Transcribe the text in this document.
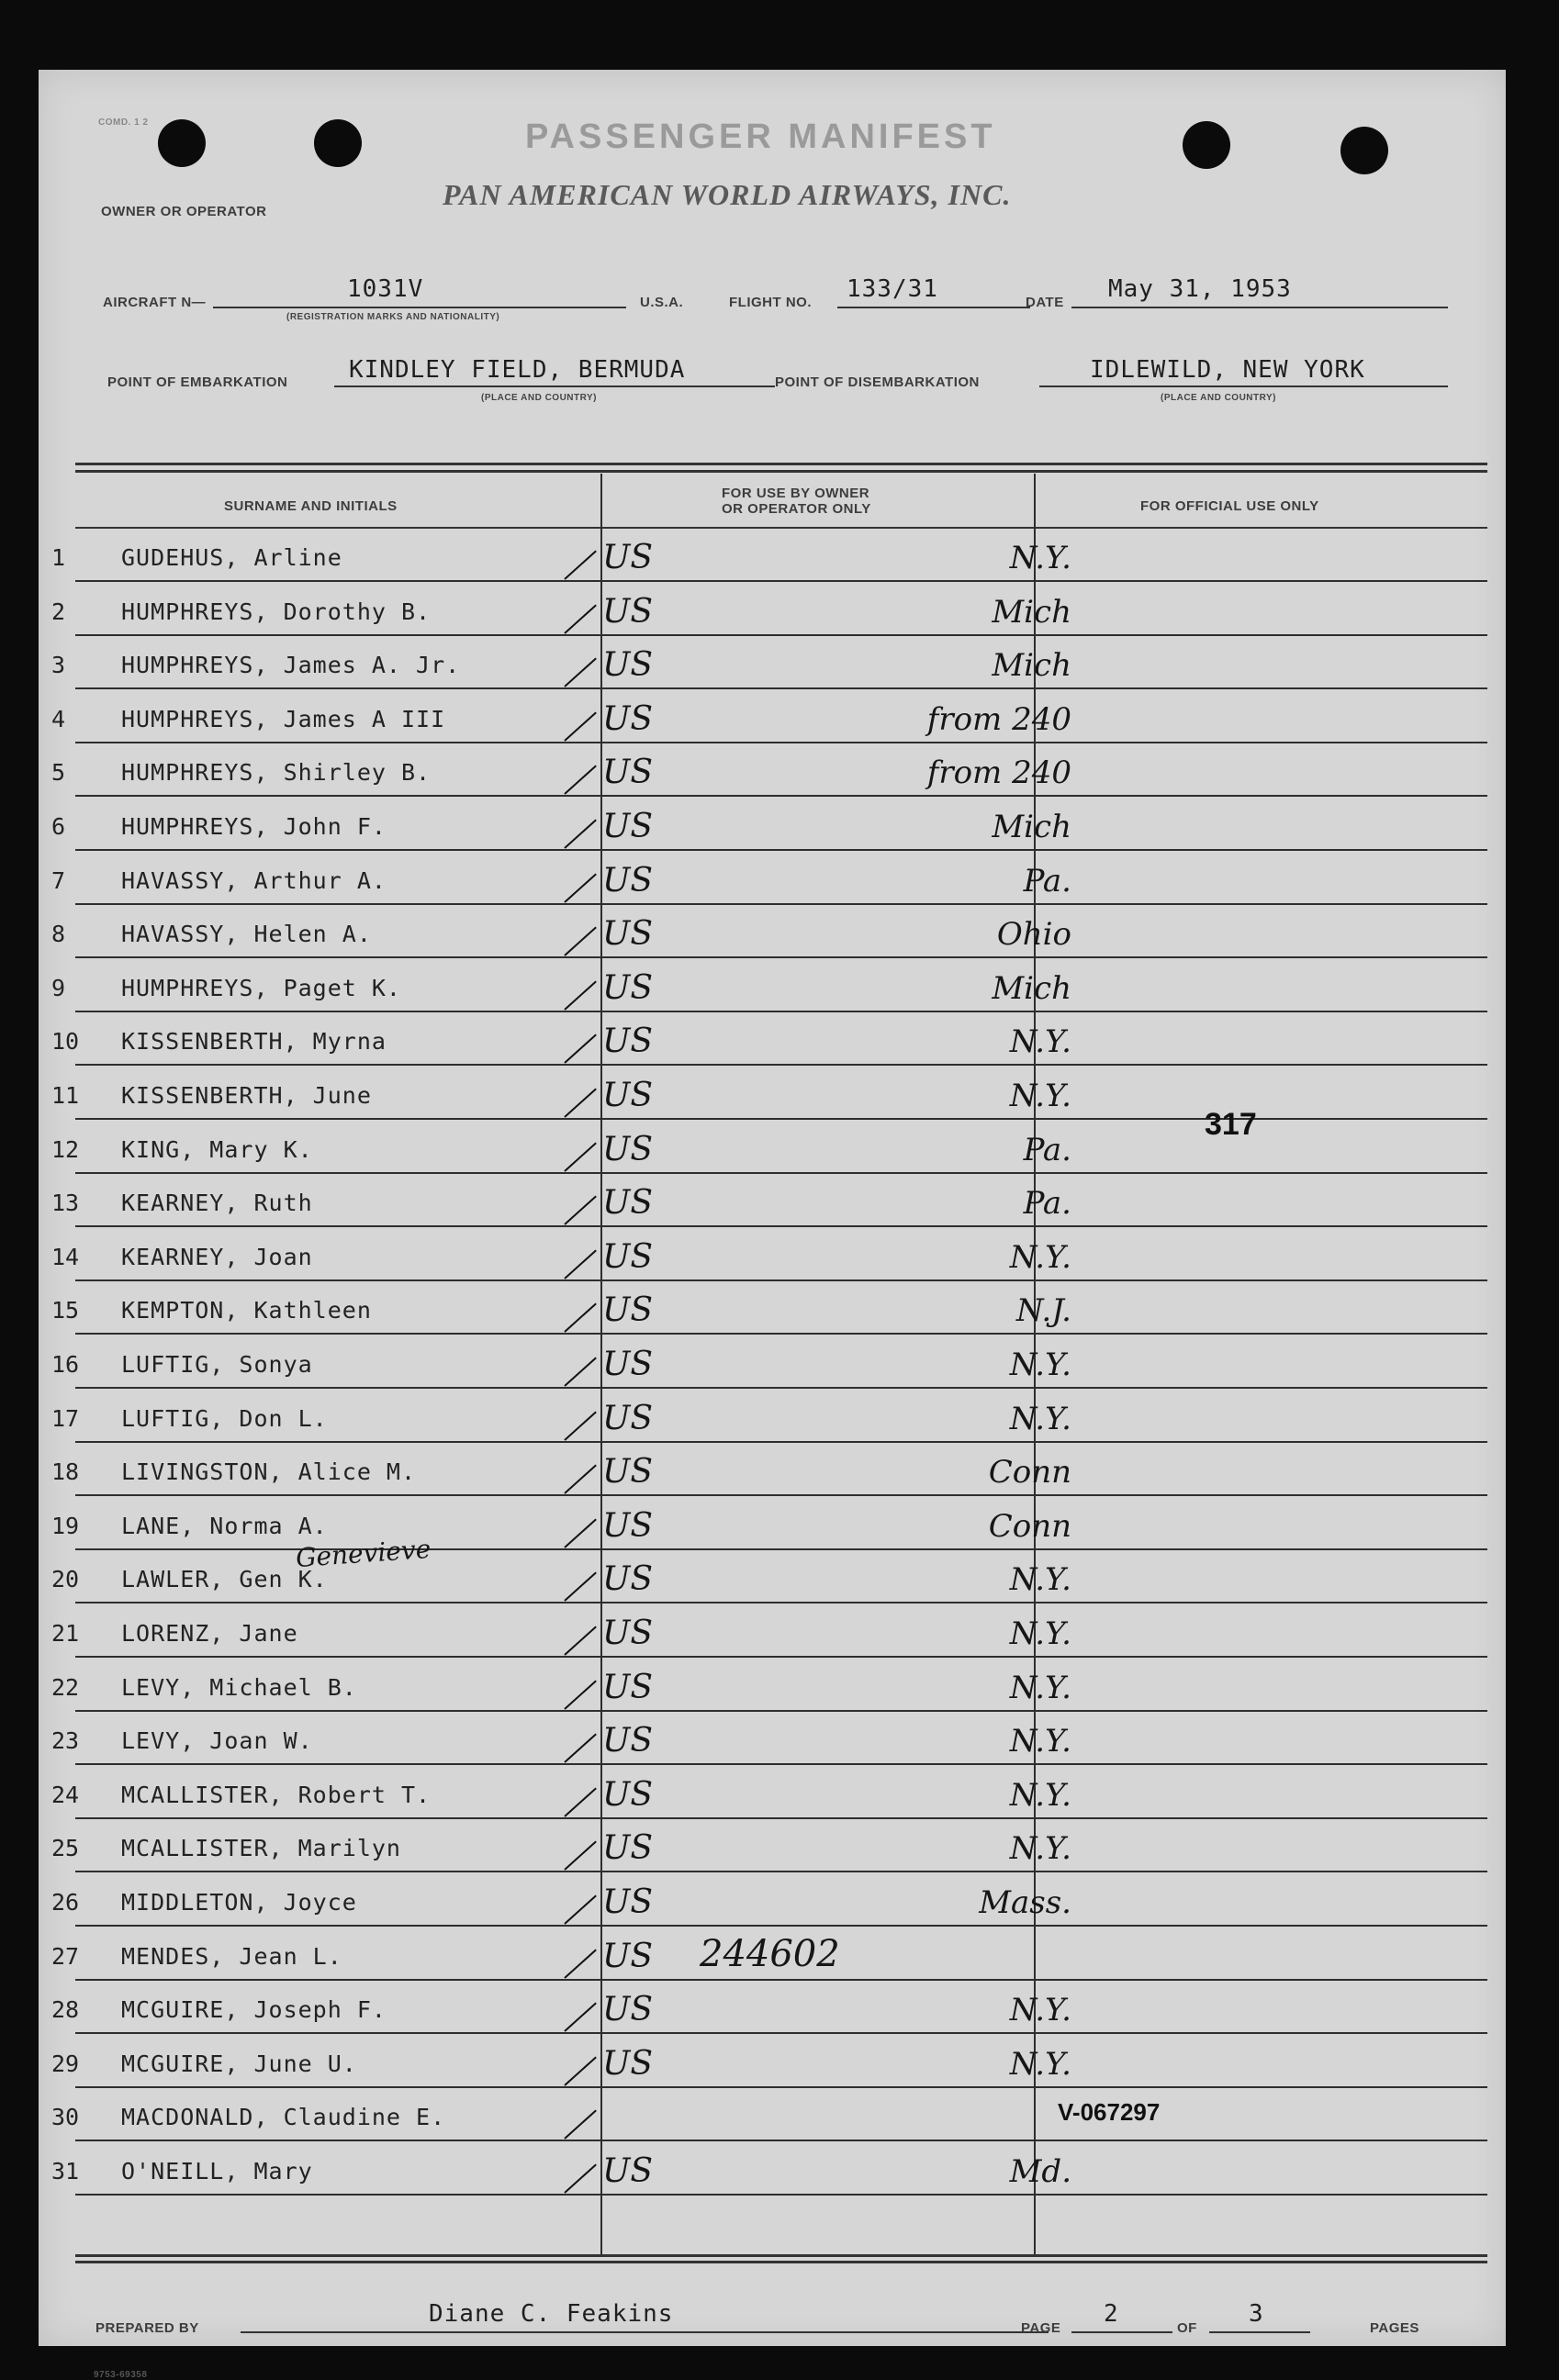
COMD. 1 2	PASSENGER MANIFEST
PAN AMERICAN WORLD AIRWAYS, INC.
OWNER OR OPERATOR
AIRCRAFT N—	1031V
(REGISTRATION MARKS AND NATIONALITY)
U.S.A.	FLIGHT NO. 133/31	DATE May 31, 1953
POINT OF EMBARKATION	KINDLEY FIELD, BERMUDA
(PLACE AND COUNTRY)
POINT OF DISEMBARKATION	IDLEWILD, NEW YORK
(PLACE AND COUNTRY)
SURNAME AND INITIALS
FOR USE BY OWNER
OR OPERATOR ONLY	FOR OFFICIAL USE ONLY
1 GUDEHUS, Arline	US	N.Y.
2 HUMPHREYS, Dorothy B.	US	Mich
3 HUMPHREYS, James A. Jr.	US	Mich
4 HUMPHREYS, James A III	US	from 240
5 HUMPHREYS, Shirley B.	US	from 240
6 HUMPHREYS, John F.	US	Mich
7 HAVASSY, Arthur A.	US	Pa.
8 HAVASSY, Helen A.	US	Ohio
9 HUMPHREYS, Paget K.	US	Mich
10 KISSENBERTH, Myrna	US	N.Y.
11 KISSENBERTH, June	US	N.Y.
12 KING, Mary K.	US	Pa.
13 KEARNEY, Ruth	US	Pa.
14 KEARNEY, Joan	US	N.Y.
15 KEMPTON, Kathleen	US	N.J.
16 LUFTIG, Sonya	US	N.Y.
17 LUFTIG, Don L.	US	N.Y.
18 LIVINGSTON, Alice M.	US	Conn
19 LANE, Norma A.	US	Conn
20 LAWLER, Gen K.	US	N.Y.
21 LORENZ, Jane	US	N.Y.
22 LEVY, Michael B.	US	N.Y.
23 LEVY, Joan W.	US	N.Y.
24 MCALLISTER, Robert T.	US	N.Y.
25 MCALLISTER, Marilyn	US	N.Y.
26 MIDDLETON, Joyce	US	Mass.
27 MENDES, Jean L.	US
28 MCGUIRE, Joseph F.	US	N.Y.
29 MCGUIRE, June U.	US	N.Y.
30 MACDONALD, Claudine E.
31 O'NEILL, Mary	US	Md.
317
244602
Genevieve
V-067297
PREPARED BY
Diane C. Feakins
PAGE
2
OF
3
PAGES
9753-69358
